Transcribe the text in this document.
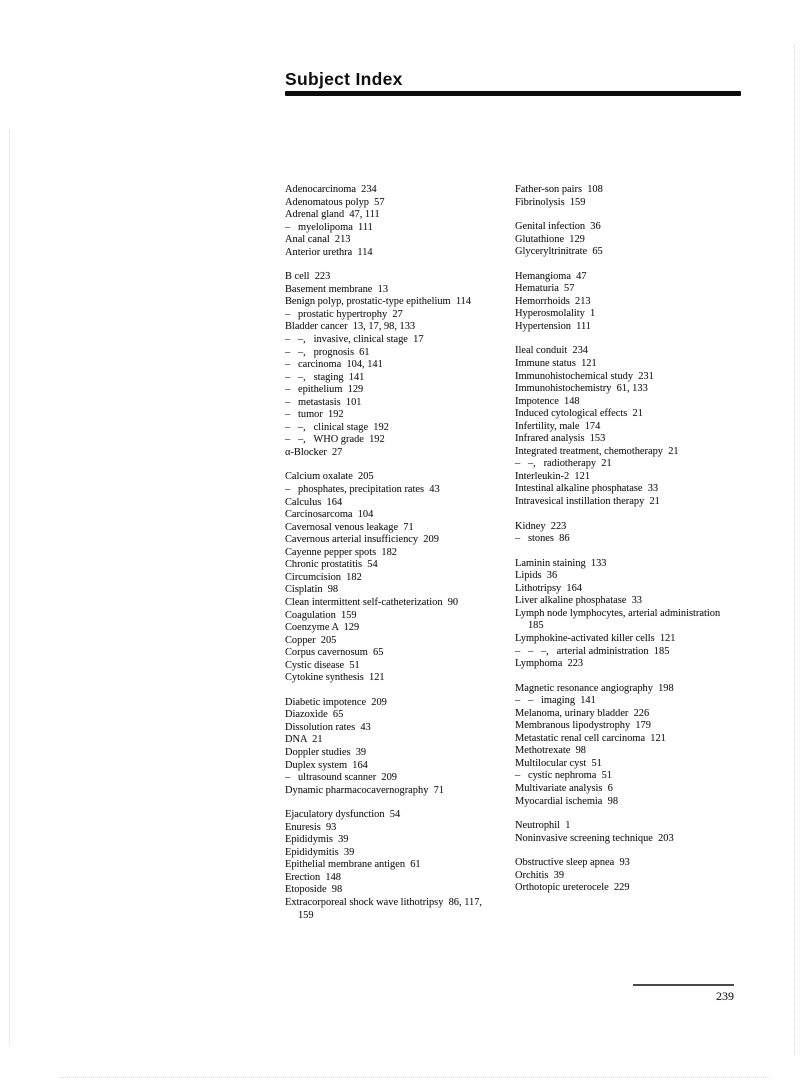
Subject Index
Adenocarcinoma  234
Adenomatous polyp  57
Adrenal gland  47, 111
–   myelolipoma  111
Anal canal  213
Anterior urethra  114
B cell  223
Basement membrane  13
Benign polyp, prostatic-type epithelium  114
–   prostatic hypertrophy  27
Bladder cancer  13, 17, 98, 133
–   –,   invasive, clinical stage  17
–   –,   prognosis  61
–   carcinoma  104, 141
–   –,   staging  141
–   epithelium  129
–   metastasis  101
–   tumor  192
–   –,   clinical stage  192
–   –,   WHO grade  192
α-Blocker  27
Calcium oxalate  205
–   phosphates, precipitation rates  43
Calculus  164
Carcinosarcoma  104
Cavernosal venous leakage  71
Cavernous arterial insufficiency  209
Cayenne pepper spots  182
Chronic prostatitis  54
Circumcision  182
Cisplatin  98
Clean intermittent self-catheterization  90
Coagulation  159
Coenzyme A  129
Copper  205
Corpus cavernosum  65
Cystic disease  51
Cytokine synthesis  121
Diabetic impotence  209
Diazoxide  65
Dissolution rates  43
DNA  21
Doppler studies  39
Duplex system  164
–   ultrasound scanner  209
Dynamic pharmacocavernography  71
Ejaculatory dysfunction  54
Enuresis  93
Epididymis  39
Epididymitis  39
Epithelial membrane antigen  61
Erection  148
Etoposide  98
Extracorporeal shock wave lithotripsy  86, 117,
159
Father-son pairs  108
Fibrinolysis  159
Genital infection  36
Glutathione  129
Glyceryltrinitrate  65
Hemangioma  47
Hematuria  57
Hemorrhoids  213
Hyperosmolality  1
Hypertension  111
Ileal conduit  234
Immune status  121
Immunohistochemical study  231
Immunohistochemistry  61, 133
Impotence  148
Induced cytological effects  21
Infertility, male  174
Infrared analysis  153
Integrated treatment, chemotherapy  21
–   –,   radiotherapy  21
Interleukin-2  121
Intestinal alkaline phosphatase  33
Intravesical instillation therapy  21
Kidney  223
–   stones  86
Laminin staining  133
Lipids  36
Lithotripsy  164
Liver alkaline phosphatase  33
Lymph node lymphocytes, arterial administration
185
Lymphokine-activated killer cells  121
–   –   –,   arterial administration  185
Lymphoma  223
Magnetic resonance angiography  198
–   –   imaging  141
Melanoma, urinary bladder  226
Membranous lipodystrophy  179
Metastatic renal cell carcinoma  121
Methotrexate  98
Multilocular cyst  51
–   cystic nephroma  51
Multivariate analysis  6
Myocardial ischemia  98
Neutrophil  1
Noninvasive screening technique  203
Obstructive sleep apnea  93
Orchitis  39
Orthotopic ureterocele  229
239
